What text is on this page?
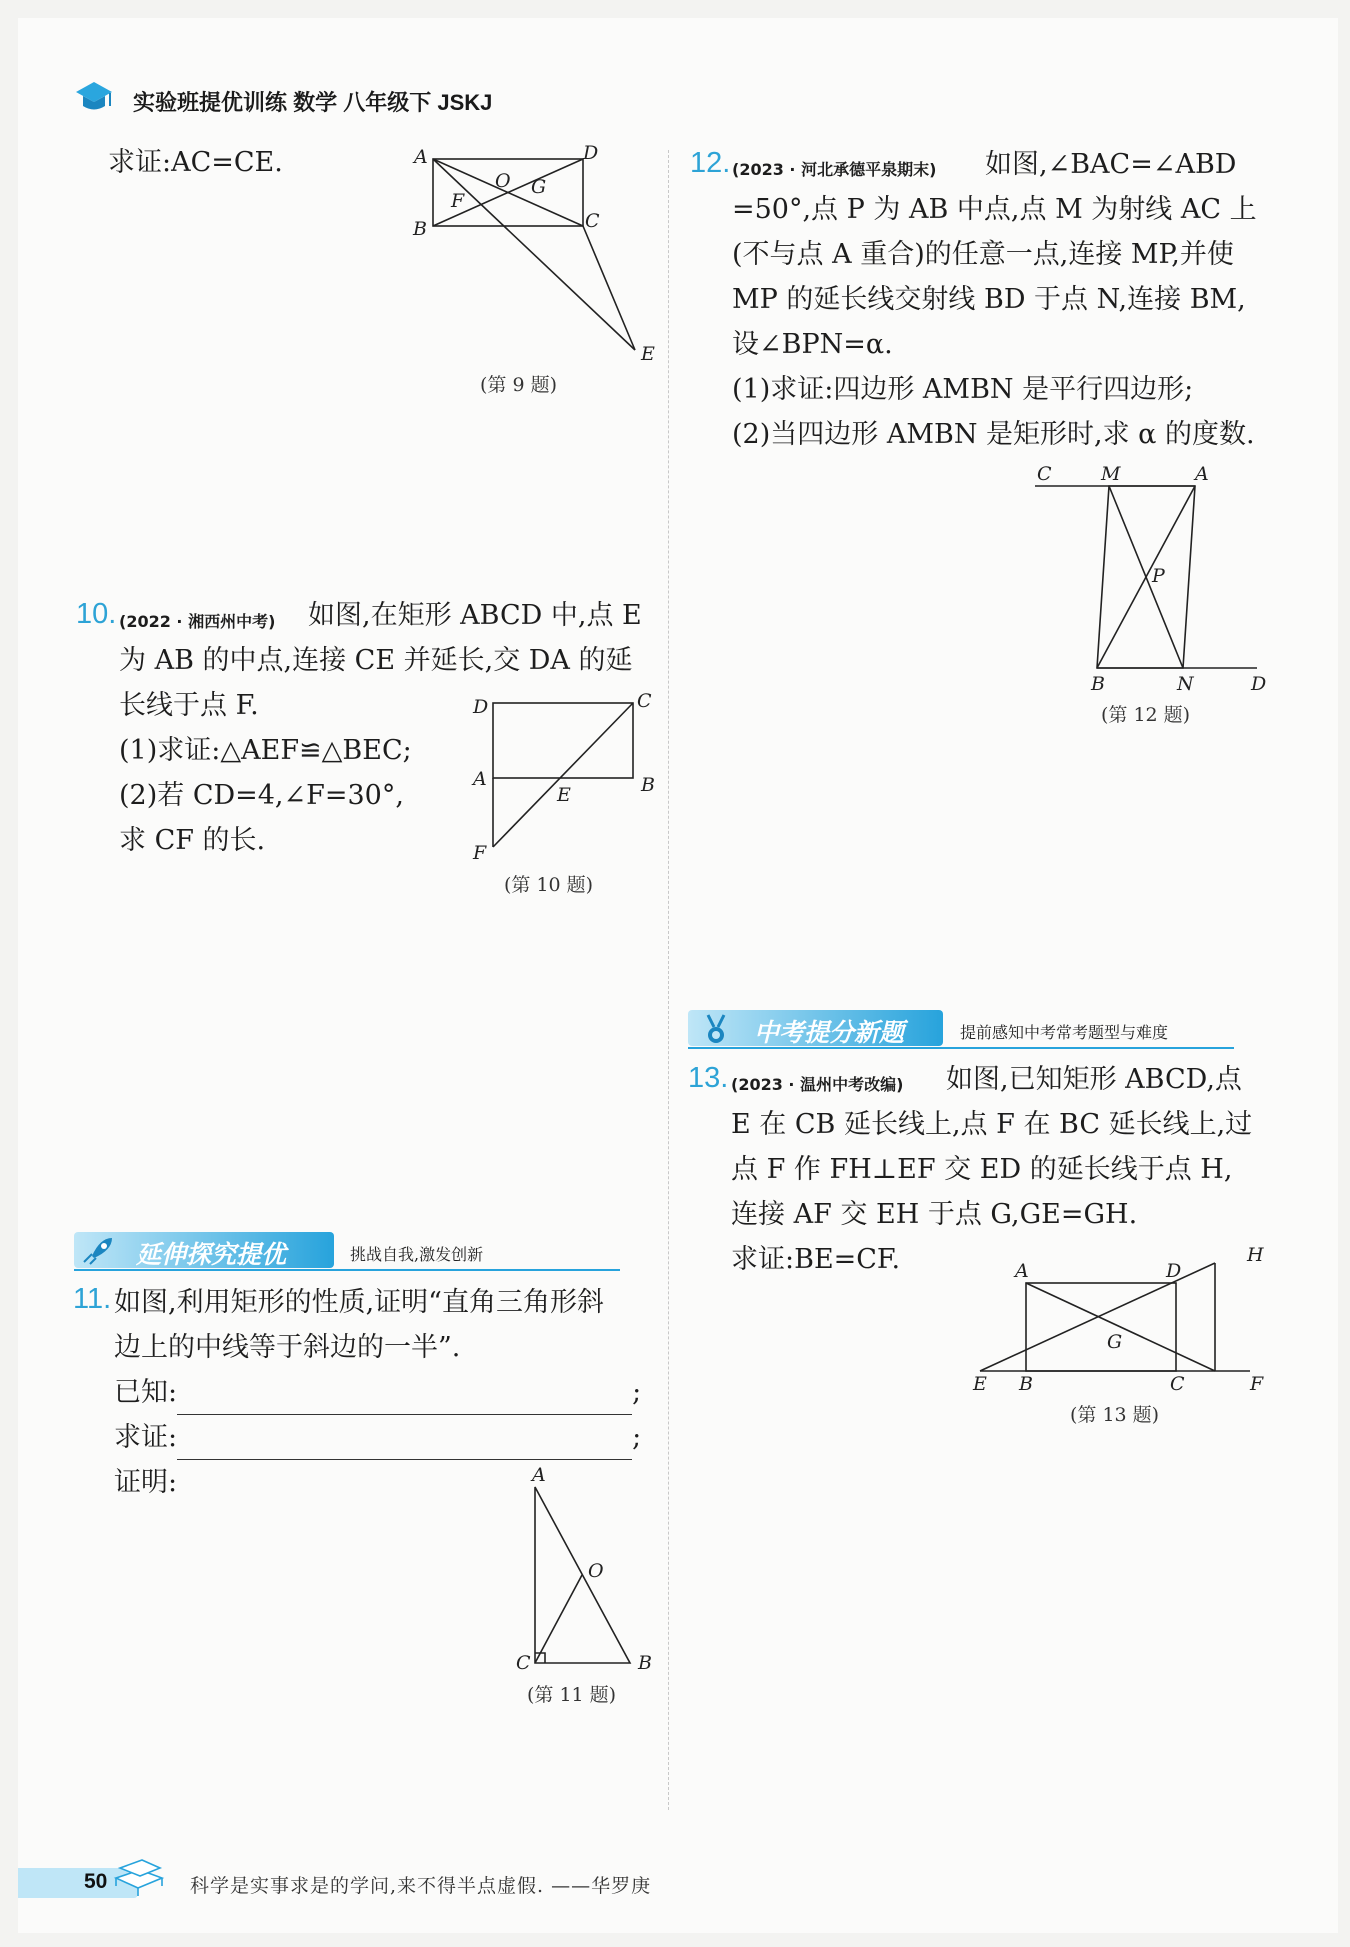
实验班提优训练 数学 八年级下 JSKJ
求证:AC=CE.	A	D
O G
F
B	C
E
(第 9 题)
10. (2022 · 湘西州中考) 如图,在矩形 ABCD 中,点 E
为 AB 的中点,连接 CE 并延长,交 DA 的延
长线于点 F.
(1)求证:△AEF≌△BEC;
(2)若 CD=4,∠F=30°,
求 CF 的长.
D	C
A
E	B
F
(第 10 题)
延伸探究提优	挑战自我,激发创新
11. 如图,利用矩形的性质,证明“直角三角形斜
边上的中线等于斜边的一半”.
已知:	;
求证:	;
证明:	A
O
C	B
(第 11 题)
12. (2023 · 河北承德平泉期末) 如图,∠BAC=∠ABD
=50°,点 P 为 AB 中点,点 M 为射线 AC 上
(不与点 A 重合)的任意一点,连接 MP,并使
MP 的延长线交射线 BD 于点 N,连接 BM,
设∠BPN=α.
(1)求证:四边形 AMBN 是平行四边形;
(2)当四边形 AMBN 是矩形时,求 α 的度数.
C	M	A
P
B	N	D
(第 12 题)
中考提分新题	提前感知中考常考题型与难度
13. (2023 · 温州中考改编) 如图,已知矩形 ABCD,点
E 在 CB 延长线上,点 F 在 BC 延长线上,过
点 F 作 FH⊥EF 交 ED 的延长线于点 H,
连接 AF 交 EH 于点 G,GE=GH.
求证:BE=CF.	A	D
H
G
E B	C	F
(第 13 题)
50	科学是实事求是的学问,来不得半点虚假. ——华罗庚
